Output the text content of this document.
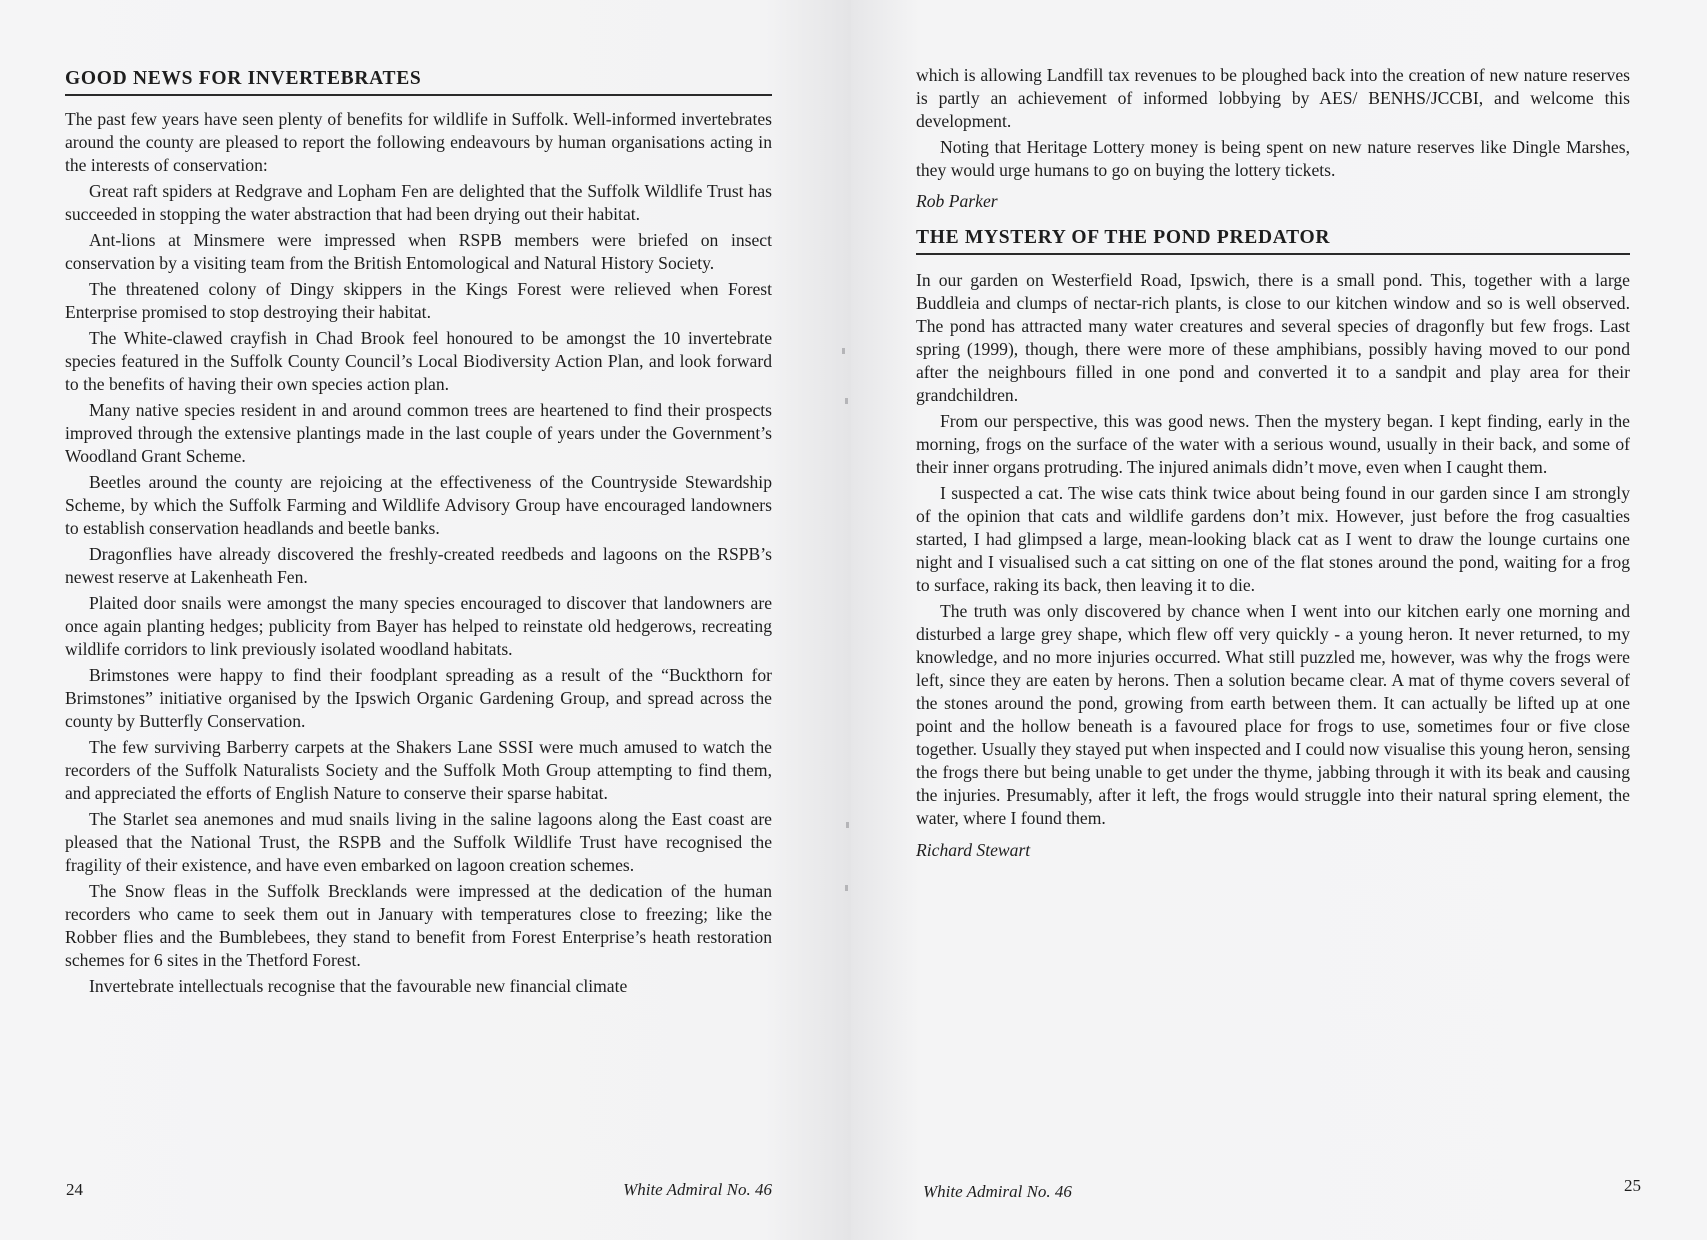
GOOD NEWS FOR INVERTEBRATES

The past few years have seen plenty of benefits for wildlife in Suffolk. Well-informed invertebrates around the county are pleased to report the following endeavours by human organisations acting in the interests of conservation:

Great raft spiders at Redgrave and Lopham Fen are delighted that the Suffolk Wildlife Trust has succeeded in stopping the water abstraction that had been drying out their habitat.

Ant-lions at Minsmere were impressed when RSPB members were briefed on insect conservation by a visiting team from the British Entomological and Natural History Society.

The threatened colony of Dingy skippers in the Kings Forest were relieved when Forest Enterprise promised to stop destroying their habitat.

The White-clawed crayfish in Chad Brook feel honoured to be amongst the 10 invertebrate species featured in the Suffolk County Council’s Local Biodiversity Action Plan, and look forward to the benefits of having their own species action plan.

Many native species resident in and around common trees are heartened to find their prospects improved through the extensive plantings made in the last couple of years under the Government’s Woodland Grant Scheme.

Beetles around the county are rejoicing at the effectiveness of the Countryside Stewardship Scheme, by which the Suffolk Farming and Wildlife Advisory Group have encouraged landowners to establish conservation headlands and beetle banks.

Dragonflies have already discovered the freshly-created reedbeds and lagoons on the RSPB’s newest reserve at Lakenheath Fen.

Plaited door snails were amongst the many species encouraged to discover that landowners are once again planting hedges; publicity from Bayer has helped to reinstate old hedgerows, recreating wildlife corridors to link previously isolated woodland habitats.

Brimstones were happy to find their foodplant spreading as a result of the “Buckthorn for Brimstones” initiative organised by the Ipswich Organic Gardening Group, and spread across the county by Butterfly Conservation.

The few surviving Barberry carpets at the Shakers Lane SSSI were much amused to watch the recorders of the Suffolk Naturalists Society and the Suffolk Moth Group attempting to find them, and appreciated the efforts of English Nature to conserve their sparse habitat.

The Starlet sea anemones and mud snails living in the saline lagoons along the East coast are pleased that the National Trust, the RSPB and the Suffolk Wildlife Trust have recognised the fragility of their existence, and have even embarked on lagoon creation schemes.

The Snow fleas in the Suffolk Brecklands were impressed at the dedication of the human recorders who came to seek them out in January with temperatures close to freezing; like the Robber flies and the Bumblebees, they stand to benefit from Forest Enterprise’s heath restoration schemes for 6 sites in the Thetford Forest.

Invertebrate intellectuals recognise that the favourable new financial climate

24	White Admiral No. 46

which is allowing Landfill tax revenues to be ploughed back into the creation of new nature reserves is partly an achievement of informed lobbying by AES/ BENHS/JCCBI, and welcome this development.

Noting that Heritage Lottery money is being spent on new nature reserves like Dingle Marshes, they would urge humans to go on buying the lottery tickets.

Rob Parker

THE MYSTERY OF THE POND PREDATOR

In our garden on Westerfield Road, Ipswich, there is a small pond. This, together with a large Buddleia and clumps of nectar-rich plants, is close to our kitchen window and so is well observed. The pond has attracted many water creatures and several species of dragonfly but few frogs. Last spring (1999), though, there were more of these amphibians, possibly having moved to our pond after the neighbours filled in one pond and converted it to a sandpit and play area for their grandchildren.

From our perspective, this was good news. Then the mystery began. I kept finding, early in the morning, frogs on the surface of the water with a serious wound, usually in their back, and some of their inner organs protruding. The injured animals didn’t move, even when I caught them.

I suspected a cat. The wise cats think twice about being found in our garden since I am strongly of the opinion that cats and wildlife gardens don’t mix. However, just before the frog casualties started, I had glimpsed a large, mean-looking black cat as I went to draw the lounge curtains one night and I visualised such a cat sitting on one of the flat stones around the pond, waiting for a frog to surface, raking its back, then leaving it to die.

The truth was only discovered by chance when I went into our kitchen early one morning and disturbed a large grey shape, which flew off very quickly - a young heron. It never returned, to my knowledge, and no more injuries occurred. What still puzzled me, however, was why the frogs were left, since they are eaten by herons. Then a solution became clear. A mat of thyme covers several of the stones around the pond, growing from earth between them. It can actually be lifted up at one point and the hollow beneath is a favoured place for frogs to use, sometimes four or five close together. Usually they stayed put when inspected and I could now visualise this young heron, sensing the frogs there but being unable to get under the thyme, jabbing through it with its beak and causing the injuries. Presumably, after it left, the frogs would struggle into their natural spring element, the water, where I found them.

Richard Stewart

White Admiral No. 46	25
